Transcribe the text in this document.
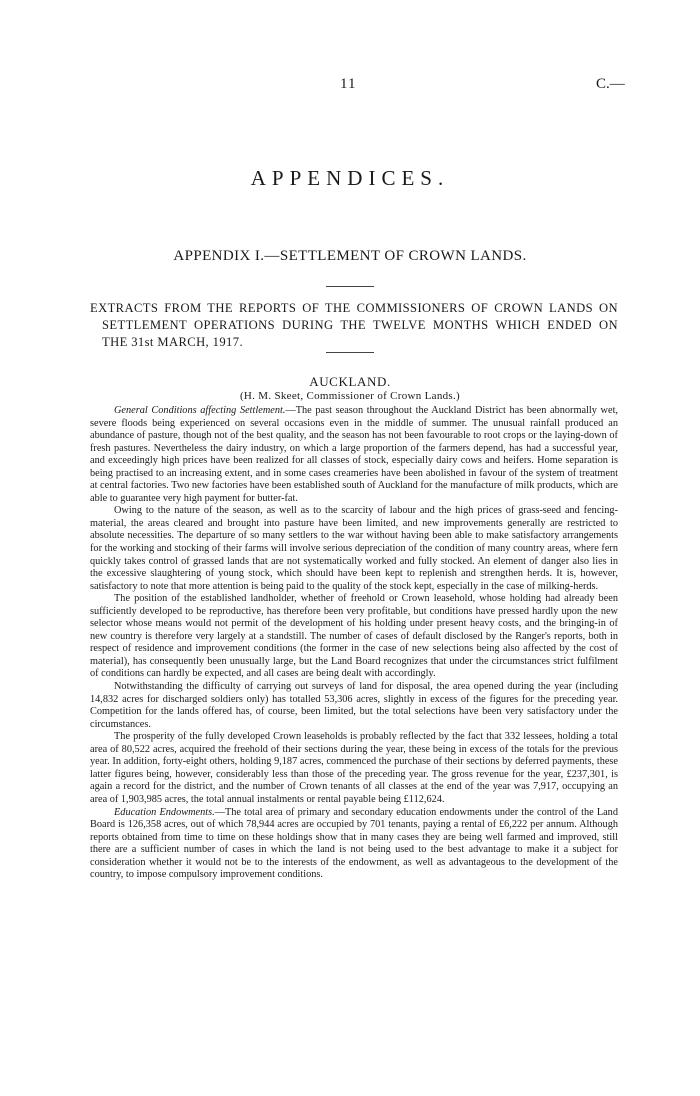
11	C.—
APPENDICES.
APPENDIX I.—SETTLEMENT OF CROWN LANDS.
EXTRACTS FROM THE REPORTS OF THE COMMISSIONERS OF CROWN LANDS ON SETTLEMENT OPERATIONS DURING THE TWELVE MONTHS WHICH ENDED ON THE 31st MARCH, 1917.
AUCKLAND.
(H. M. Skeet, Commissioner of Crown Lands.)

General Conditions affecting Settlement.—The past season throughout the Auckland District has been abnormally wet, severe floods being experienced on several occasions even in the middle of summer. The unusual rainfall produced an abundance of pasture, though not of the best quality, and the season has not been favourable to root crops or the laying-down of fresh pastures. Nevertheless the dairy industry, on which a large proportion of the farmers depend, has had a successful year, and exceedingly high prices have been realized for all classes of stock, especially dairy cows and heifers. Home separation is being practised to an increasing extent, and in some cases creameries have been abolished in favour of the system of treatment at central factories. Two new factories have been established south of Auckland for the manufacture of milk products, which are able to guarantee very high payment for butter-fat.

Owing to the nature of the season, as well as to the scarcity of labour and the high prices of grass-seed and fencing-material, the areas cleared and brought into pasture have been limited, and new improvements generally are restricted to absolute necessities. The departure of so many settlers to the war without having been able to make satisfactory arrangements for the working and stocking of their farms will involve serious depreciation of the condition of many country areas, where fern quickly takes control of grassed lands that are not systematically worked and fully stocked. An element of danger also lies in the excessive slaughtering of young stock, which should have been kept to replenish and strengthen herds. It is, however, satisfactory to note that more attention is being paid to the quality of the stock kept, especially in the case of milking-herds.

The position of the established landholder, whether of freehold or Crown leasehold, whose holding had already been sufficiently developed to be reproductive, has therefore been very profitable, but conditions have pressed hardly upon the new selector whose means would not permit of the development of his holding under present heavy costs, and the bringing-in of new country is therefore very largely at a standstill. The number of cases of default disclosed by the Ranger's reports, both in respect of residence and improvement conditions (the former in the case of new selections being also affected by the cost of material), has consequently been unusually large, but the Land Board recognizes that under the circumstances strict fulfilment of conditions can hardly be expected, and all cases are being dealt with accordingly.

Notwithstanding the difficulty of carrying out surveys of land for disposal, the area opened during the year (including 14,832 acres for discharged soldiers only) has totalled 53,306 acres, slightly in excess of the figures for the preceding year. Competition for the lands offered has, of course, been limited, but the total selections have been very satisfactory under the circumstances.

The prosperity of the fully developed Crown leaseholds is probably reflected by the fact that 332 lessees, holding a total area of 80,522 acres, acquired the freehold of their sections during the year, these being in excess of the totals for the previous year. In addition, forty-eight others, holding 9,187 acres, commenced the purchase of their sections by deferred payments, these latter figures being, however, considerably less than those of the preceding year. The gross revenue for the year, £237,301, is again a record for the district, and the number of Crown tenants of all classes at the end of the year was 7,917, occupying an area of 1,903,985 acres, the total annual instalments or rental payable being £112,624.

Education Endowments.—The total area of primary and secondary education endowments under the control of the Land Board is 126,358 acres, out of which 78,944 acres are occupied by 701 tenants, paying a rental of £6,222 per annum. Although reports obtained from time to time on these holdings show that in many cases they are being well farmed and improved, still there are a sufficient number of cases in which the land is not being used to the best advantage to make it a subject for consideration whether it would not be to the interests of the endowment, as well as advantageous to the development of the country, to impose compulsory improvement conditions.
